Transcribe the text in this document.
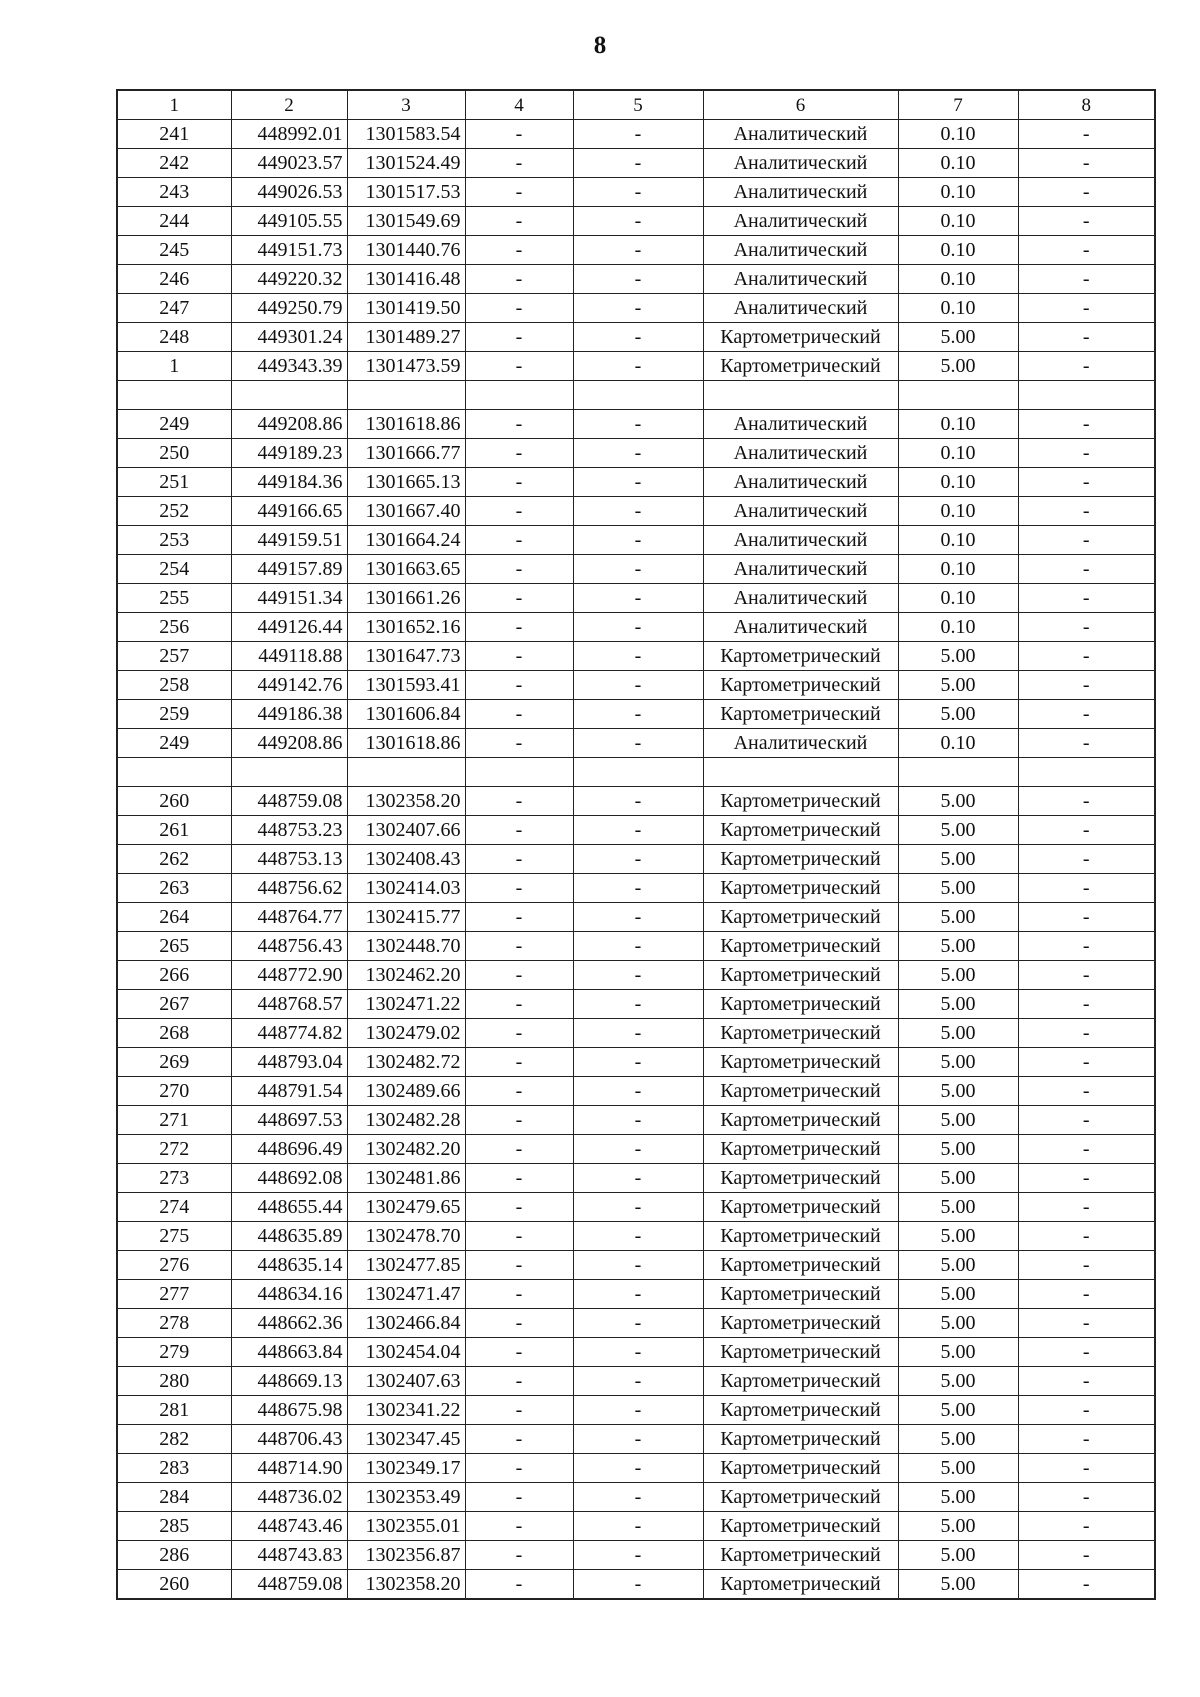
8
1	2	3	4	5	6	7	8
241	448992.01	1301583.54	-	-	Аналитический	0.10	-
242	449023.57	1301524.49	-	-	Аналитический	0.10	-
243	449026.53	1301517.53	-	-	Аналитический	0.10	-
244	449105.55	1301549.69	-	-	Аналитический	0.10	-
245	449151.73	1301440.76	-	-	Аналитический	0.10	-
246	449220.32	1301416.48	-	-	Аналитический	0.10	-
247	449250.79	1301419.50	-	-	Аналитический	0.10	-
248	449301.24	1301489.27	-	-	Картометрический	5.00	-
1	449343.39	1301473.59	-	-	Картометрический	5.00	-

249	449208.86	1301618.86	-	-	Аналитический	0.10	-
250	449189.23	1301666.77	-	-	Аналитический	0.10	-
251	449184.36	1301665.13	-	-	Аналитический	0.10	-
252	449166.65	1301667.40	-	-	Аналитический	0.10	-
253	449159.51	1301664.24	-	-	Аналитический	0.10	-
254	449157.89	1301663.65	-	-	Аналитический	0.10	-
255	449151.34	1301661.26	-	-	Аналитический	0.10	-
256	449126.44	1301652.16	-	-	Аналитический	0.10	-
257	449118.88	1301647.73	-	-	Картометрический	5.00	-
258	449142.76	1301593.41	-	-	Картометрический	5.00	-
259	449186.38	1301606.84	-	-	Картометрический	5.00	-
249	449208.86	1301618.86	-	-	Аналитический	0.10	-

260	448759.08	1302358.20	-	-	Картометрический	5.00	-
261	448753.23	1302407.66	-	-	Картометрический	5.00	-
262	448753.13	1302408.43	-	-	Картометрический	5.00	-
263	448756.62	1302414.03	-	-	Картометрический	5.00	-
264	448764.77	1302415.77	-	-	Картометрический	5.00	-
265	448756.43	1302448.70	-	-	Картометрический	5.00	-
266	448772.90	1302462.20	-	-	Картометрический	5.00	-
267	448768.57	1302471.22	-	-	Картометрический	5.00	-
268	448774.82	1302479.02	-	-	Картометрический	5.00	-
269	448793.04	1302482.72	-	-	Картометрический	5.00	-
270	448791.54	1302489.66	-	-	Картометрический	5.00	-
271	448697.53	1302482.28	-	-	Картометрический	5.00	-
272	448696.49	1302482.20	-	-	Картометрический	5.00	-
273	448692.08	1302481.86	-	-	Картометрический	5.00	-
274	448655.44	1302479.65	-	-	Картометрический	5.00	-
275	448635.89	1302478.70	-	-	Картометрический	5.00	-
276	448635.14	1302477.85	-	-	Картометрический	5.00	-
277	448634.16	1302471.47	-	-	Картометрический	5.00	-
278	448662.36	1302466.84	-	-	Картометрический	5.00	-
279	448663.84	1302454.04	-	-	Картометрический	5.00	-
280	448669.13	1302407.63	-	-	Картометрический	5.00	-
281	448675.98	1302341.22	-	-	Картометрический	5.00	-
282	448706.43	1302347.45	-	-	Картометрический	5.00	-
283	448714.90	1302349.17	-	-	Картометрический	5.00	-
284	448736.02	1302353.49	-	-	Картометрический	5.00	-
285	448743.46	1302355.01	-	-	Картометрический	5.00	-
286	448743.83	1302356.87	-	-	Картометрический	5.00	-
260	448759.08	1302358.20	-	-	Картометрический	5.00	-
